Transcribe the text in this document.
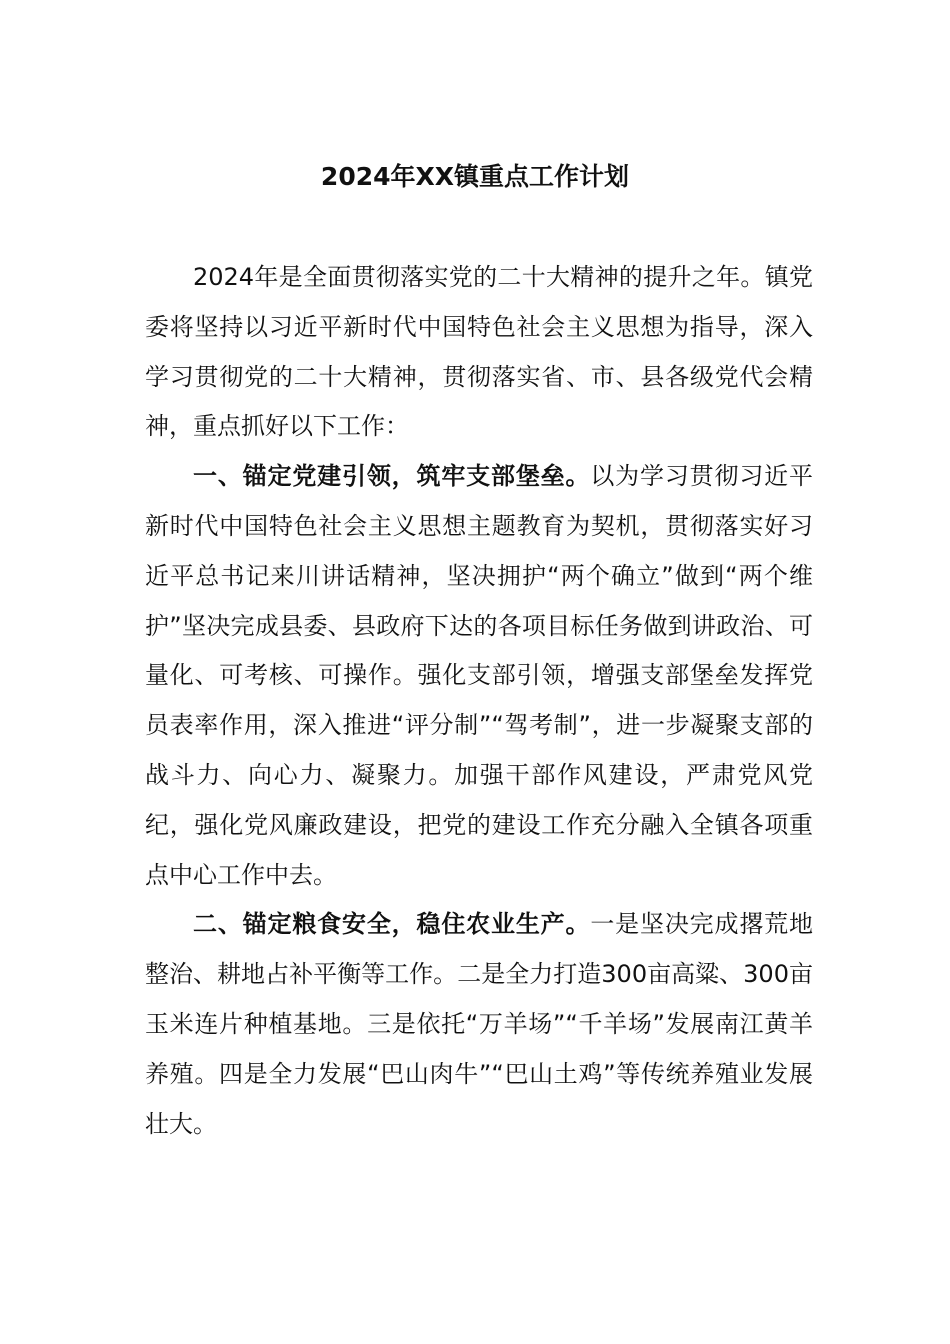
2024年XX镇重点工作计划

2024年是全面贯彻落实党的二十大精神的提升之年。镇党委将坚持以习近平新时代中国特色社会主义思想为指导，深入学习贯彻党的二十大精神，贯彻落实省、市、县各级党代会精神，重点抓好以下工作：

一、锚定党建引领，筑牢支部堡垒。以为学习贯彻习近平新时代中国特色社会主义思想主题教育为契机，贯彻落实好习近平总书记来川讲话精神，坚决拥护“两个确立”做到“两个维护”坚决完成县委、县政府下达的各项目标任务做到讲政治、可量化、可考核、可操作。强化支部引领，增强支部堡垒发挥党员表率作用，深入推进“评分制”“驾考制”，进一步凝聚支部的战斗力、向心力、凝聚力。加强干部作风建设，严肃党风党纪，强化党风廉政建设，把党的建设工作充分融入全镇各项重点中心工作中去。

二、锚定粮食安全，稳住农业生产。一是坚决完成撂荒地整治、耕地占补平衡等工作。二是全力打造300亩高粱、300亩玉米连片种植基地。三是依托“万羊场”“千羊场”发展南江黄羊养殖。四是全力发展“巴山肉牛”“巴山土鸡”等传统养殖业发展壮大。
